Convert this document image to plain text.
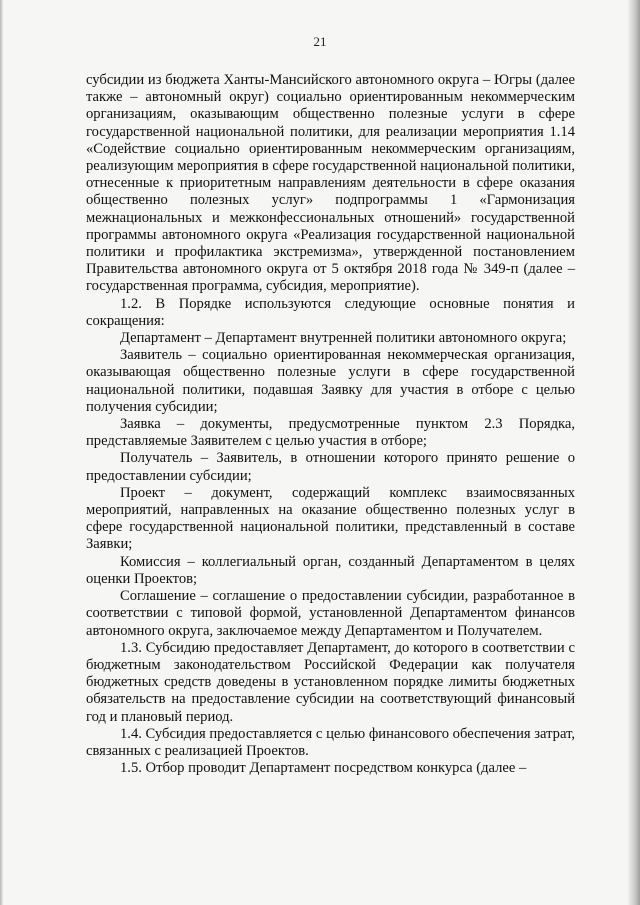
21

субсидии из бюджета Ханты-Мансийского автономного округа – Югры (далее также – автономный округ) социально ориентированным некоммерческим организациям, оказывающим общественно полезные услуги в сфере государственной национальной политики, для реализации мероприятия 1.14 «Содействие социально ориентированным некоммерческим организациям, реализующим мероприятия в сфере государственной национальной политики, отнесенные к приоритетным направлениям деятельности в сфере оказания общественно полезных услуг» подпрограммы 1 «Гармонизация межнациональных и межконфессиональных отношений» государственной программы автономного округа «Реализация государственной национальной политики и профилактика экстремизма», утвержденной постановлением Правительства автономного округа от 5 октября 2018 года № 349-п (далее – государственная программа, субсидия, мероприятие).

1.2. В Порядке используются следующие основные понятия и сокращения:

Департамент – Департамент внутренней политики автономного округа;

Заявитель – социально ориентированная некоммерческая организация, оказывающая общественно полезные услуги в сфере государственной национальной политики, подавшая Заявку для участия в отборе с целью получения субсидии;

Заявка – документы, предусмотренные пунктом 2.3 Порядка, представляемые Заявителем с целью участия в отборе;

Получатель – Заявитель, в отношении которого принято решение о предоставлении субсидии;

Проект – документ, содержащий комплекс взаимосвязанных мероприятий, направленных на оказание общественно полезных услуг в сфере государственной национальной политики, представленный в составе Заявки;

Комиссия – коллегиальный орган, созданный Департаментом в целях оценки Проектов;

Соглашение – соглашение о предоставлении субсидии, разработанное в соответствии с типовой формой, установленной Департаментом финансов автономного округа, заключаемое между Департаментом и Получателем.

1.3. Субсидию предоставляет Департамент, до которого в соответствии с бюджетным законодательством Российской Федерации как получателя бюджетных средств доведены в установленном порядке лимиты бюджетных обязательств на предоставление субсидии на соответствующий финансовый год и плановый период.

1.4. Субсидия предоставляется с целью финансового обеспечения затрат, связанных с реализацией Проектов.

1.5. Отбор проводит Департамент посредством конкурса (далее –
